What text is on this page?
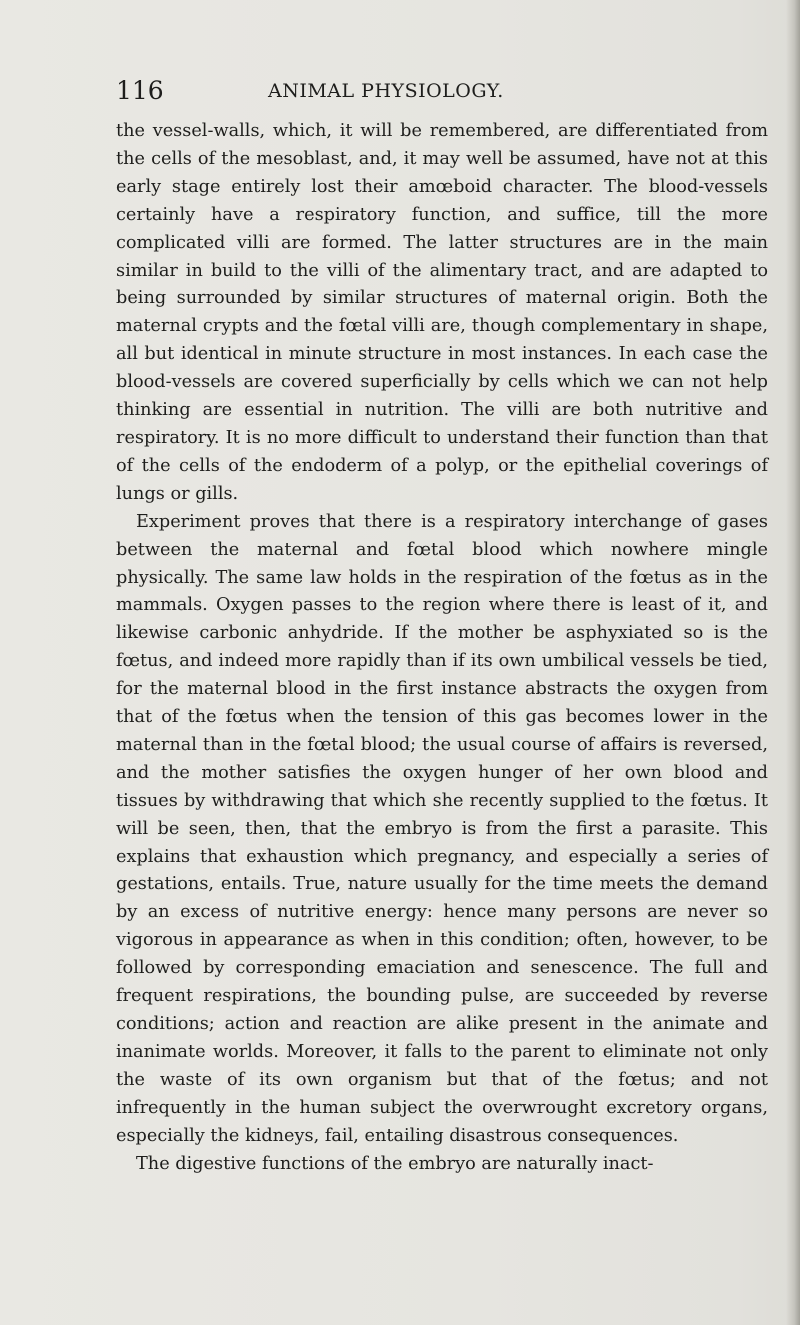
116	ANIMAL PHYSIOLOGY.

the vessel-walls, which, it will be remembered, are differentiated from the cells of the mesoblast, and, it may well be assumed, have not at this early stage entirely lost their amœboid character. The blood-vessels certainly have a respiratory function, and suffice, till the more complicated villi are formed. The latter structures are in the main similar in build to the villi of the alimentary tract, and are adapted to being surrounded by similar structures of maternal origin. Both the maternal crypts and the fœtal villi are, though complementary in shape, all but identical in minute structure in most instances. In each case the blood-vessels are covered superficially by cells which we can not help thinking are essential in nutrition. The villi are both nutritive and respiratory. It is no more difficult to understand their function than that of the cells of the endoderm of a polyp, or the epithelial coverings of lungs or gills.

Experiment proves that there is a respiratory interchange of gases between the maternal and fœtal blood which nowhere mingle physically. The same law holds in the respiration of the fœtus as in the mammals. Oxygen passes to the region where there is least of it, and likewise carbonic anhydride. If the mother be asphyxiated so is the fœtus, and indeed more rapidly than if its own umbilical vessels be tied, for the maternal blood in the first instance abstracts the oxygen from that of the fœtus when the tension of this gas becomes lower in the maternal than in the fœtal blood; the usual course of affairs is reversed, and the mother satisfies the oxygen hunger of her own blood and tissues by withdrawing that which she recently supplied to the fœtus. It will be seen, then, that the embryo is from the first a parasite. This explains that exhaustion which pregnancy, and especially a series of gestations, entails. True, nature usually for the time meets the demand by an excess of nutritive energy: hence many persons are never so vigorous in appearance as when in this condition; often, however, to be followed by corresponding emaciation and senescence. The full and frequent respirations, the bounding pulse, are succeeded by reverse conditions; action and reaction are alike present in the animate and inanimate worlds. Moreover, it falls to the parent to eliminate not only the waste of its own organism but that of the fœtus; and not infrequently in the human subject the overwrought excretory organs, especially the kidneys, fail, entailing disastrous consequences.

The digestive functions of the embryo are naturally inact-
